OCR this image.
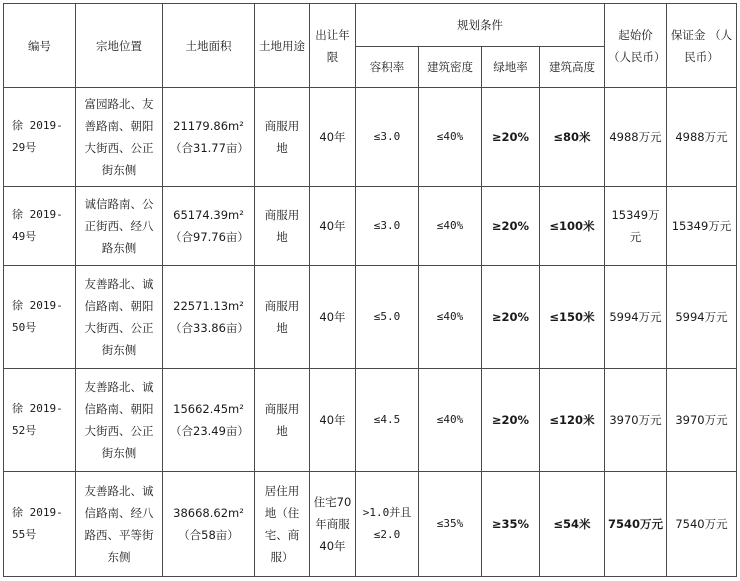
编号	宗地位置	土地面积	土地用途	出让年限	规划条件				起始价（人民币）	保证金 （人民币）
					容积率	建筑密度	绿地率	建筑高度		
徐 2019-29号	富园路北、友善路南、朝阳大街西、公正街东侧	21179.86m²（合31.77亩）	商服用地	40年	≤3.0	≤40%	≥20%	≤80米	4988万元	4988万元
徐 2019-49号	诚信路南、公正街西、经八路东侧	65174.39m²（合97.76亩）	商服用地	40年	≤3.0	≤40%	≥20%	≤100米	15349万元	15349万元
徐 2019-50号	友善路北、诚信路南、朝阳大街西、公正街东侧	22571.13m²（合33.86亩）	商服用地	40年	≤5.0	≤40%	≥20%	≤150米	5994万元	5994万元
徐 2019-52号	友善路北、诚信路南、朝阳大街西、公正街东侧	15662.45m²（合23.49亩）	商服用地	40年	≤4.5	≤40%	≥20%	≤120米	3970万元	3970万元
徐 2019-55号	友善路北、诚信路南、经八路西、平等街东侧	38668.62m²（合58亩）	居住用地（住宅、商服）	住宅70年商服40年	>1.0并且≤2.0	≤35%	≥35%	≤54米	7540万元	7540万元
